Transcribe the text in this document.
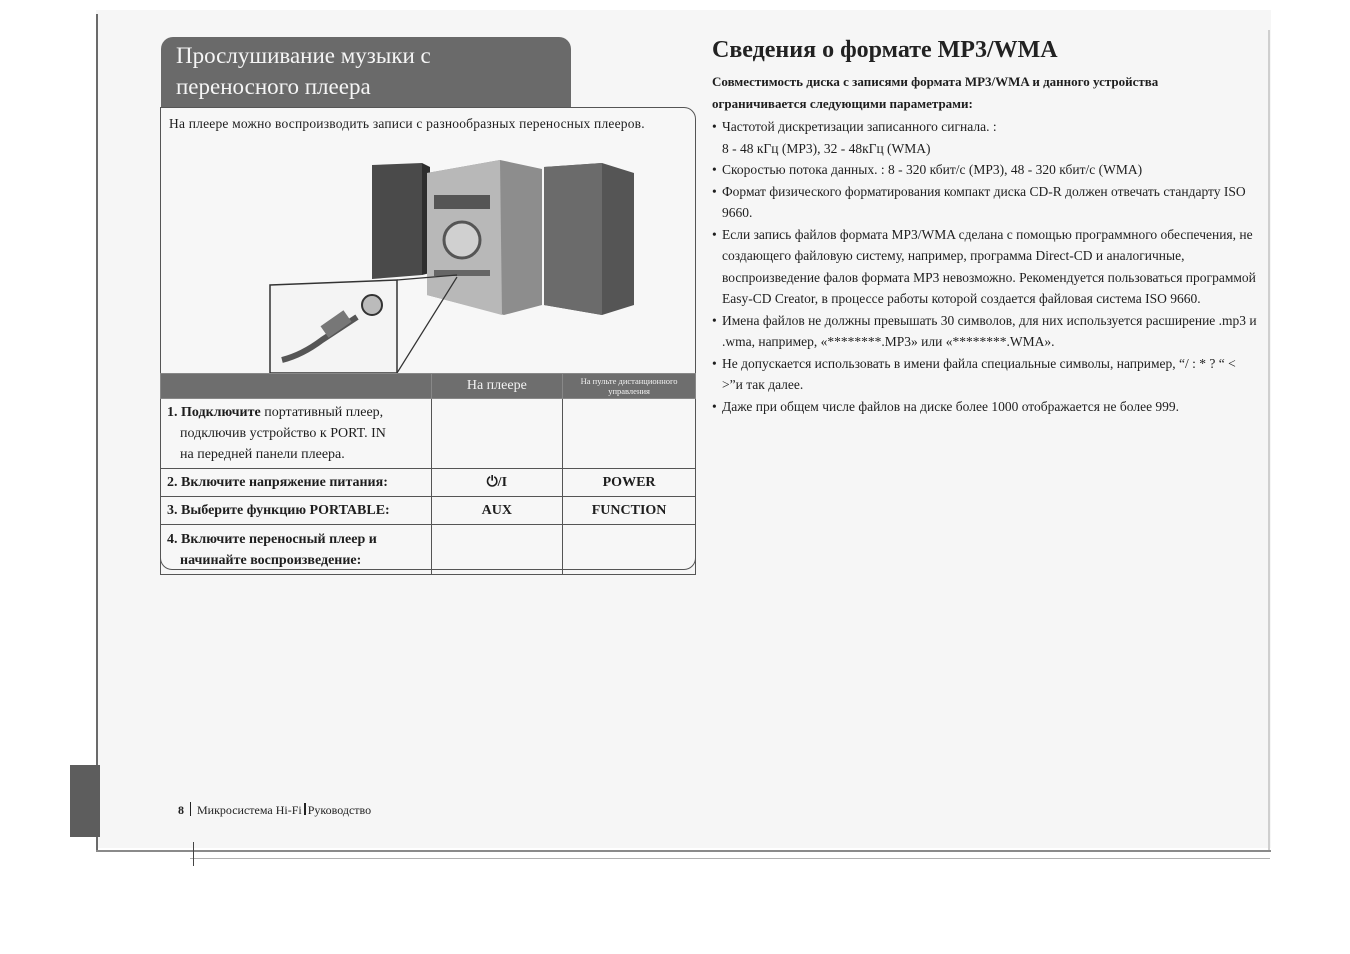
Прослушивание музыки с
переносного плеера
На плеере можно воспроизводить записи с разнообразных переносных плееров.
	На плеере	На пульте дистанционного управления
1. Подключите портативный плеер,
подключив устройство к PORT. IN
на передней панели плеера.		

2. Включите напряжение питания:	⏻/I	POWER
3. Выберите функцию PORTABLE:	AUX	FUNCTION
4. Включите переносный плеер и
начинайте воспроизведение:		

Сведения о формате MP3/WMA
Совместимость диска с записями формата MP3/WMA и данного устройства ограничивается следующими параметрами:
• Частотой дискретизации записанного сигнала. :
8 - 48 кГц (MP3), 32 - 48кГц (WMA)
• Скоростью потока данных. : 8 - 320 кбит/с (MP3), 48 - 320 кбит/с (WMA)
• Формат физического форматирования компакт диска CD-R должен отвечать стандарту ISO 9660.
• Если запись файлов формата MP3/WMA сделана с помощью программного обеспечения, не создающего файловую систему, например, программа Direct-CD и аналогичные, воспроизведение фалов формата MP3 невозможно. Рекомендуется пользоваться программой Easy-CD Creator, в процессе работы которой создается файловая система ISO 9660.
• Имена файлов не должны превышать 30 символов, для них используется расширение .mp3 и .wma, например, «********.MP3» или «********.WMA».
• Не допускается использовать в имени файла специальные символы, например, “/ : * ? “ < >”и так далее.
• Даже при общем числе файлов на диске более 1000 отображается не более 999.
8 Микросистема Hi-Fi Руководство
